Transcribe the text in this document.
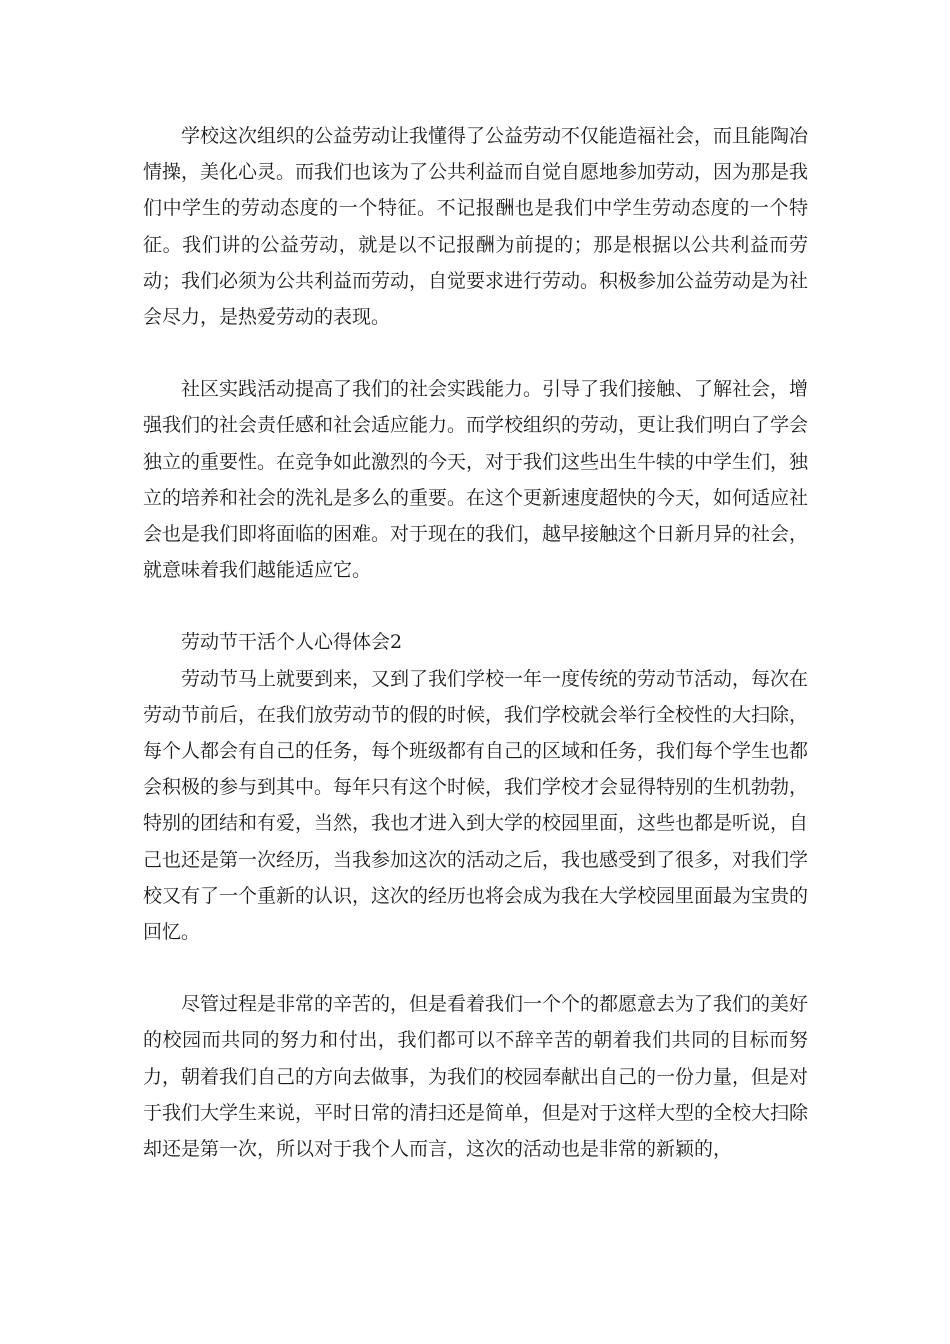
学校这次组织的公益劳动让我懂得了公益劳动不仅能造福社会，而且能陶冶情操，美化心灵。而我们也该为了公共利益而自觉自愿地参加劳动，因为那是我们中学生的劳动态度的一个特征。不记报酬也是我们中学生劳动态度的一个特征。我们讲的公益劳动，就是以不记报酬为前提的；那是根据以公共利益而劳动；我们必须为公共利益而劳动，自觉要求进行劳动。积极参加公益劳动是为社会尽力，是热爱劳动的表现。

社区实践活动提高了我们的社会实践能力。引导了我们接触、了解社会，增强我们的社会责任感和社会适应能力。而学校组织的劳动，更让我们明白了学会独立的重要性。在竞争如此激烈的今天，对于我们这些出生牛犊的中学生们，独立的培养和社会的洗礼是多么的重要。在这个更新速度超快的今天，如何适应社会也是我们即将面临的困难。对于现在的我们，越早接触这个日新月异的社会，就意味着我们越能适应它。

劳动节干活个人心得体会2

劳动节马上就要到来，又到了我们学校一年一度传统的劳动节活动，每次在劳动节前后，在我们放劳动节的假的时候，我们学校就会举行全校性的大扫除，每个人都会有自己的任务，每个班级都有自己的区域和任务，我们每个学生也都会积极的参与到其中。每年只有这个时候，我们学校才会显得特别的生机勃勃，特别的团结和有爱，当然，我也才进入到大学的校园里面，这些也都是听说，自己也还是第一次经历，当我参加这次的活动之后，我也感受到了很多，对我们学校又有了一个重新的认识，这次的经历也将会成为我在大学校园里面最为宝贵的回忆。

尽管过程是非常的辛苦的，但是看着我们一个个的都愿意去为了我们的美好的校园而共同的努力和付出，我们都可以不辞辛苦的朝着我们共同的目标而努力，朝着我们自己的方向去做事，为我们的校园奉献出自己的一份力量，但是对于我们大学生来说，平时日常的清扫还是简单，但是对于这样大型的全校大扫除却还是第一次，所以对于我个人而言，这次的活动也是非常的新颖的，
